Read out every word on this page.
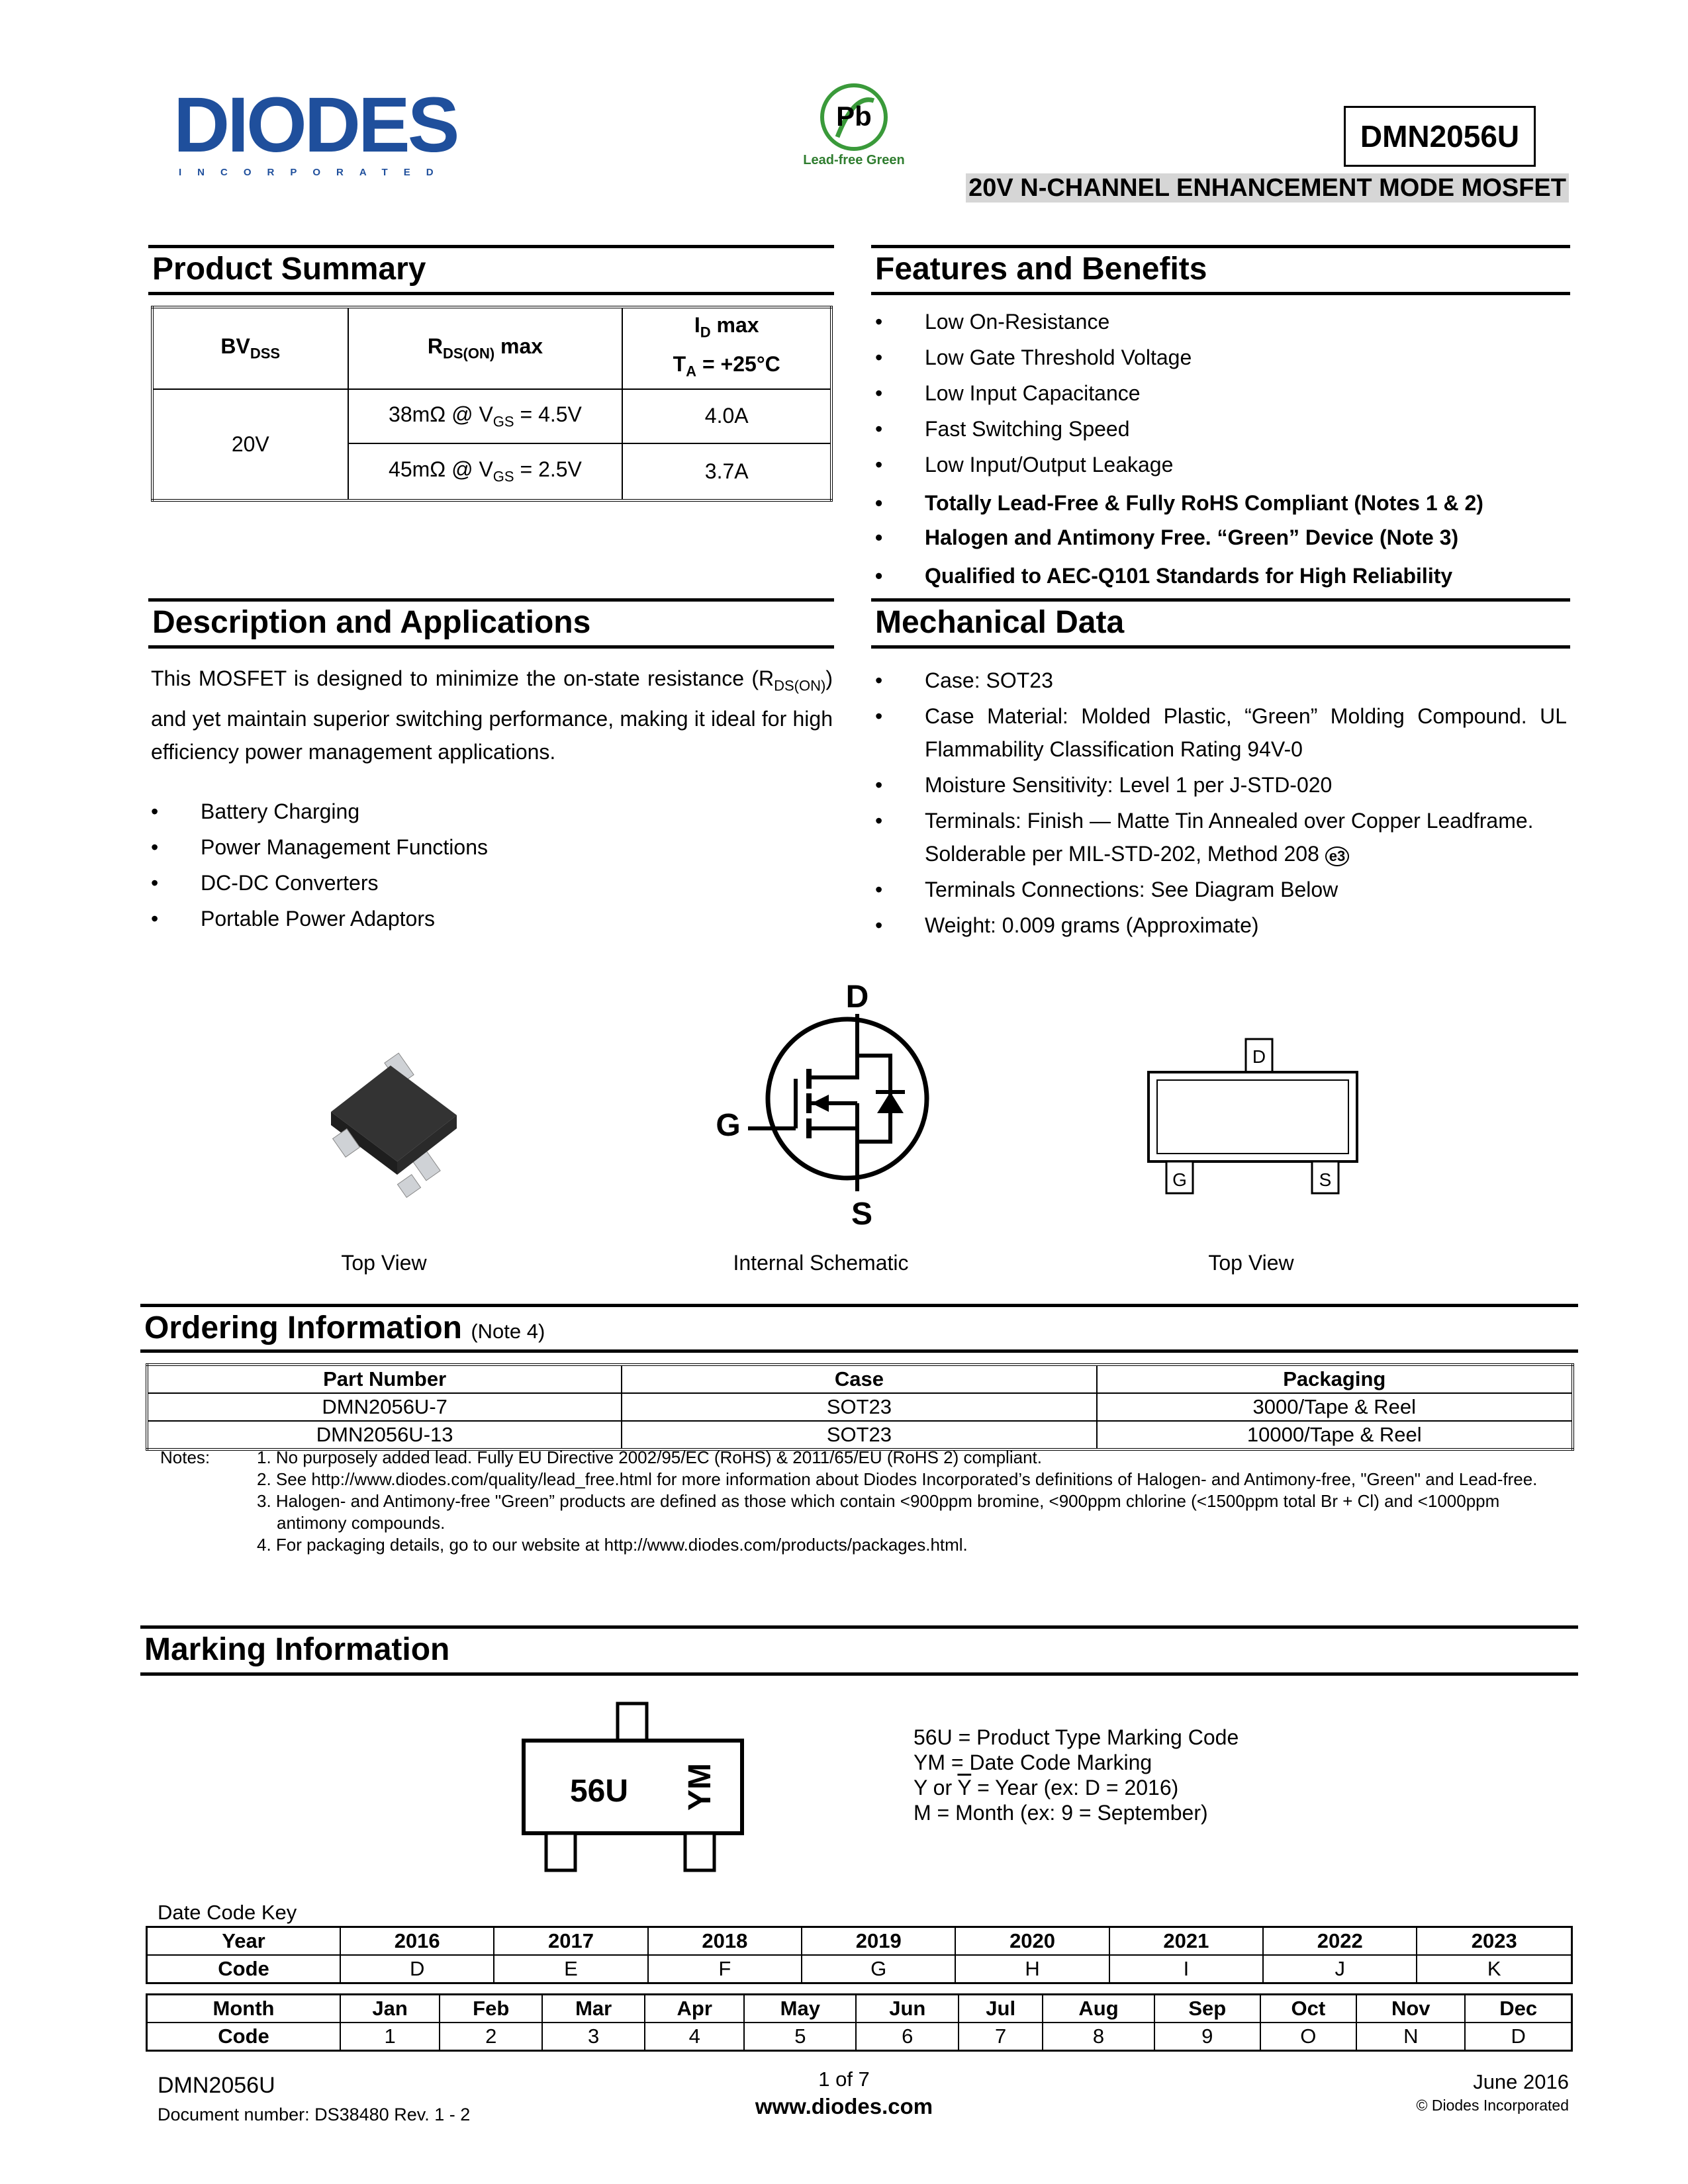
DIODES
INCORPORATED
Pb
Lead-free Green
DMN2056U
20V N-CHANNEL ENHANCEMENT MODE MOSFET
Product Summary
$BV_{DSS}$	$R_{DS(ON)}$ max	$I_D$ max
$T_A = +25^\circ C$
20V	38mΩ @ $V_{GS} = 4.5V$	4.0A
	45mΩ @ $V_{GS} = 2.5V$	3.7A
Features and Benefits
• Low On-Resistance
• Low Gate Threshold Voltage
• Low Input Capacitance
• Fast Switching Speed
• Low Input/Output Leakage
• Totally Lead-Free & Fully RoHS Compliant (Notes 1 & 2)
• Halogen and Antimony Free. “Green” Device (Note 3)
• Qualified to AEC-Q101 Standards for High Reliability
Description and Applications
This MOSFET is designed to minimize the on-state resistance $(R_{DS(ON)})$ and yet maintain superior switching performance, making it ideal for high efficiency power management applications.
• Battery Charging
• Power Management Functions
• DC-DC Converters
• Portable Power Adaptors
Mechanical Data
• Case: SOT23
• Case Material: Molded Plastic, “Green” Molding Compound. UL Flammability Classification Rating 94V-0
• Moisture Sensitivity: Level 1 per J-STD-020
• Terminals: Finish — Matte Tin Annealed over Copper Leadframe. Solderable per MIL-STD-202, Method 208 e3
• Terminals Connections: See Diagram Below
• Weight: 0.009 grams (Approximate)
Top View
D
G
S
Internal Schematic
D
G	S
Top View
Ordering Information (Note 4)
Part Number	Case	Packaging
DMN2056U-7	SOT23	3000/Tape & Reel
DMN2056U-13	SOT23	10000/Tape & Reel
Notes:	1. No purposely added lead. Fully EU Directive 2002/95/EC (RoHS) & 2011/65/EU (RoHS 2) compliant.
2. See http://www.diodes.com/quality/lead_free.html for more information about Diodes Incorporated’s definitions of Halogen- and Antimony-free, "Green" and Lead-free.
3. Halogen- and Antimony-free "Green” products are defined as those which contain <900ppm bromine, <900ppm chlorine (<1500ppm total Br + Cl) and <1000ppm antimony compounds.
4. For packaging details, go to our website at http://www.diodes.com/products/packages.html.
Marking Information
56U YM
56U = Product Type Marking Code
YM = Date Code Marking
Y or $\overline{Y}$ = Year (ex: D = 2016)
M = Month (ex: 9 = September)
Date Code Key
Year	2016	2017	2018	2019	2020	2021	2022	2023
Code	D	E	F	G	H	I	J	K
Month	Jan	Feb	Mar	Apr	May	Jun	Jul	Aug	Sep	Oct	Nov	Dec
Code	1	2	3	4	5	6	7	8	9	O	N	D
DMN2056U
Document number: DS38480 Rev. 1 - 2
1 of 7
www.diodes.com
June 2016
© Diodes Incorporated
